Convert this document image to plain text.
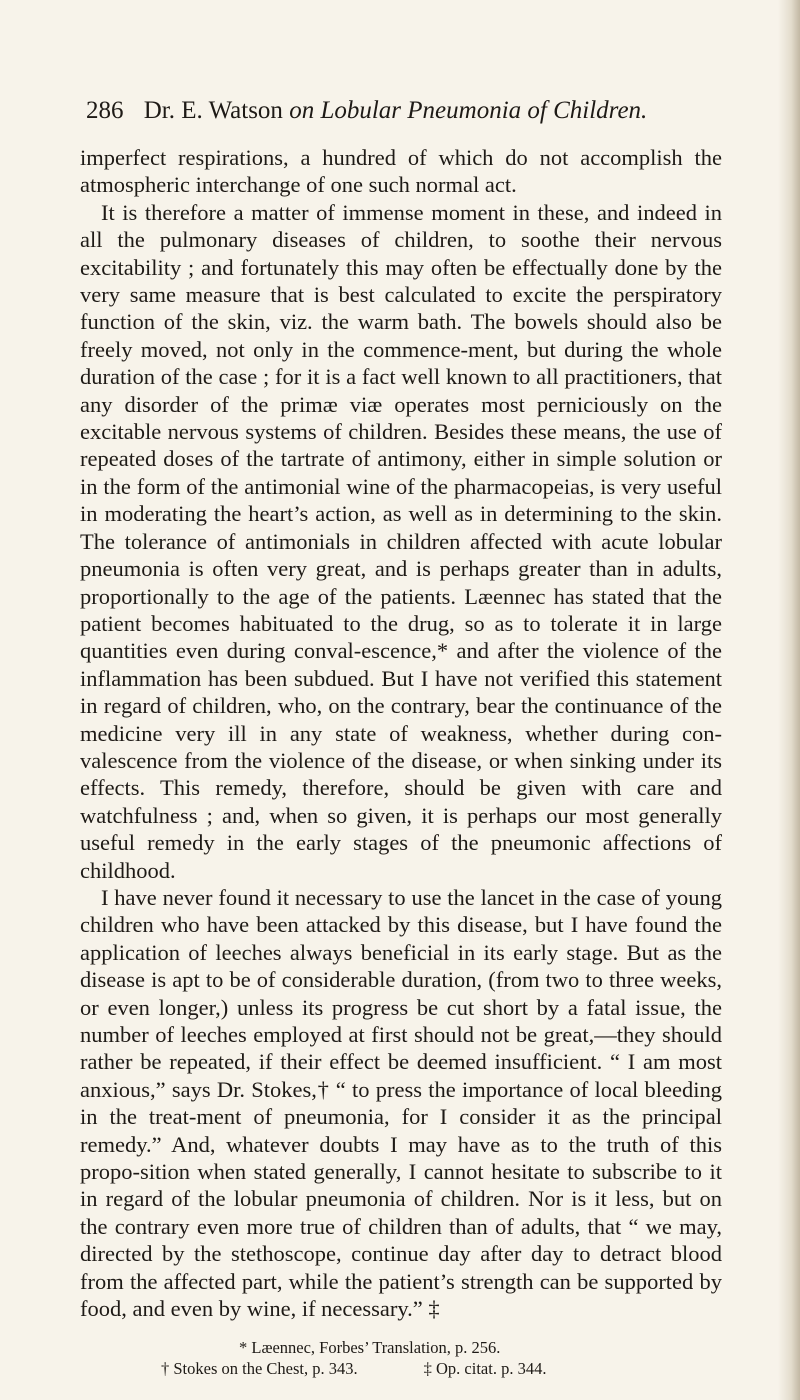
286 Dr. E. Watson on Lobular Pneumonia of Children.

imperfect respirations, a hundred of which do not accomplish the atmospheric interchange of one such normal act.

It is therefore a matter of immense moment in these, and indeed in all the pulmonary diseases of children, to soothe their nervous excitability ; and fortunately this may often be effectually done by the very same measure that is best calculated to excite the perspiratory function of the skin, viz. the warm bath. The bowels should also be freely moved, not only in the commence-ment, but during the whole duration of the case ; for it is a fact well known to all practitioners, that any disorder of the primæ viæ operates most perniciously on the excitable nervous systems of children. Besides these means, the use of repeated doses of the tartrate of antimony, either in simple solution or in the form of the antimonial wine of the pharmacopeias, is very useful in moderating the heart’s action, as well as in determining to the skin. The tolerance of antimonials in children affected with acute lobular pneumonia is often very great, and is perhaps greater than in adults, proportionally to the age of the patients. Læennec has stated that the patient becomes habituated to the drug, so as to tolerate it in large quantities even during conval-escence,* and after the violence of the inflammation has been subdued. But I have not verified this statement in regard of children, who, on the contrary, bear the continuance of the medicine very ill in any state of weakness, whether during con-valescence from the violence of the disease, or when sinking under its effects. This remedy, therefore, should be given with care and watchfulness ; and, when so given, it is perhaps our most generally useful remedy in the early stages of the pneumonic affections of childhood.

I have never found it necessary to use the lancet in the case of young children who have been attacked by this disease, but I have found the application of leeches always beneficial in its early stage. But as the disease is apt to be of considerable duration, (from two to three weeks, or even longer,) unless its progress be cut short by a fatal issue, the number of leeches employed at first should not be great,—they should rather be repeated, if their effect be deemed insufficient. “ I am most anxious,” says Dr. Stokes,† “ to press the importance of local bleeding in the treat-ment of pneumonia, for I consider it as the principal remedy.” And, whatever doubts I may have as to the truth of this propo-sition when stated generally, I cannot hesitate to subscribe to it in regard of the lobular pneumonia of children. Nor is it less, but on the contrary even more true of children than of adults, that “ we may, directed by the stethoscope, continue day after day to detract blood from the affected part, while the patient’s strength can be supported by food, and even by wine, if necessary.” ‡

* Læennec, Forbes’ Translation, p. 256.
† Stokes on the Chest, p. 343.	‡ Op. citat. p. 344.
